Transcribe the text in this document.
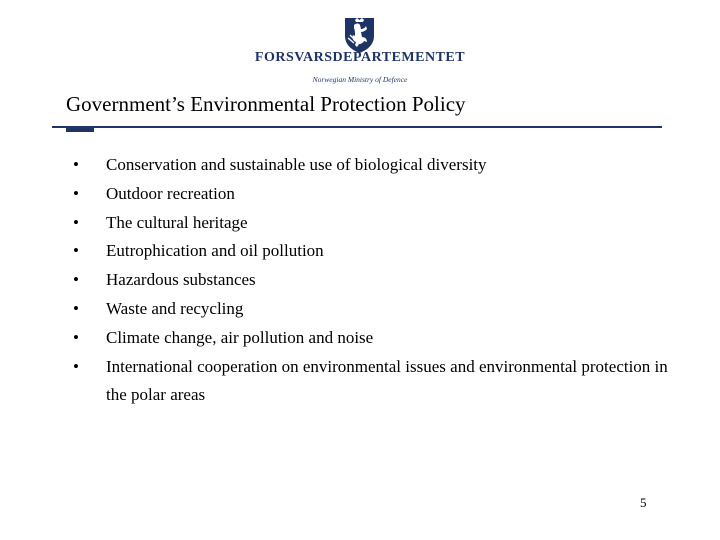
FORSVARSDEPARTEMENTET
Norwegian Ministry of Defence
Government’s Environmental Protection Policy
•	Conservation and sustainable use of biological diversity
•	Outdoor recreation
•	The cultural heritage
•	Eutrophication and oil pollution
•	Hazardous substances
•	Waste and recycling
•	Climate change, air pollution and noise
•	International cooperation on environmental issues and environmental protection in the polar areas
5
